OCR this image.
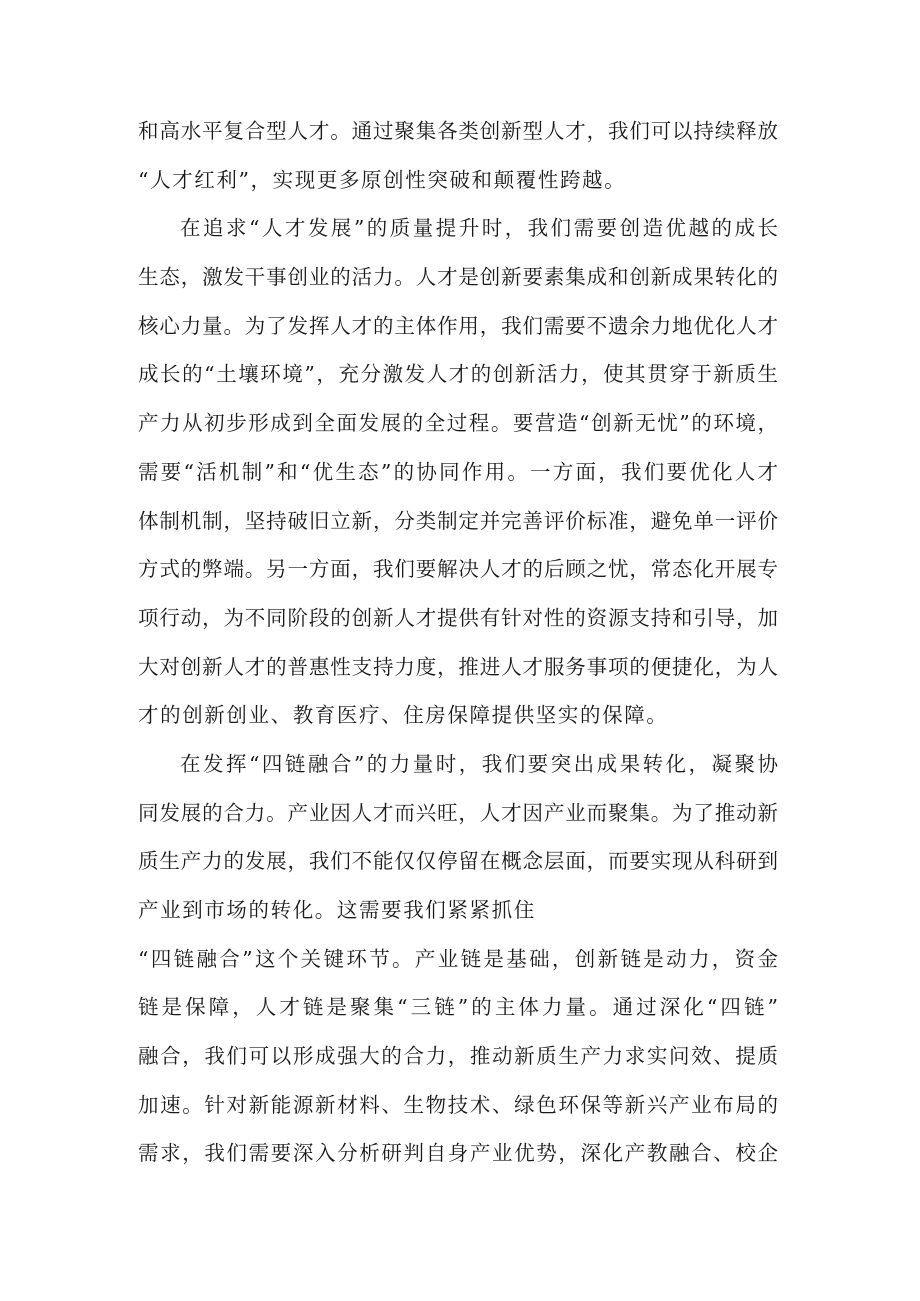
和高水平复合型人才。通过聚集各类创新型人才，我们可以持续释放
“人才红利”，实现更多原创性突破和颠覆性跨越。
在追求“人才发展”的质量提升时，我们需要创造优越的成长
生态，激发干事创业的活力。人才是创新要素集成和创新成果转化的
核心力量。为了发挥人才的主体作用，我们需要不遗余力地优化人才
成长的“土壤环境”，充分激发人才的创新活力，使其贯穿于新质生
产力从初步形成到全面发展的全过程。要营造“创新无忧”的环境，
需要“活机制”和“优生态”的协同作用。一方面，我们要优化人才
体制机制，坚持破旧立新，分类制定并完善评价标准，避免单一评价
方式的弊端。另一方面，我们要解决人才的后顾之忧，常态化开展专
项行动，为不同阶段的创新人才提供有针对性的资源支持和引导，加
大对创新人才的普惠性支持力度，推进人才服务事项的便捷化，为人
才的创新创业、教育医疗、住房保障提供坚实的保障。
在发挥“四链融合”的力量时，我们要突出成果转化，凝聚协
同发展的合力。产业因人才而兴旺，人才因产业而聚集。为了推动新
质生产力的发展，我们不能仅仅停留在概念层面，而要实现从科研到
产业到市场的转化。这需要我们紧紧抓住
“四链融合”这个关键环节。产业链是基础，创新链是动力，资金
链是保障，人才链是聚集“三链”的主体力量。通过深化“四链”
融合，我们可以形成强大的合力，推动新质生产力求实问效、提质
加速。针对新能源新材料、生物技术、绿色环保等新兴产业布局的
需求，我们需要深入分析研判自身产业优势，深化产教融合、校企
